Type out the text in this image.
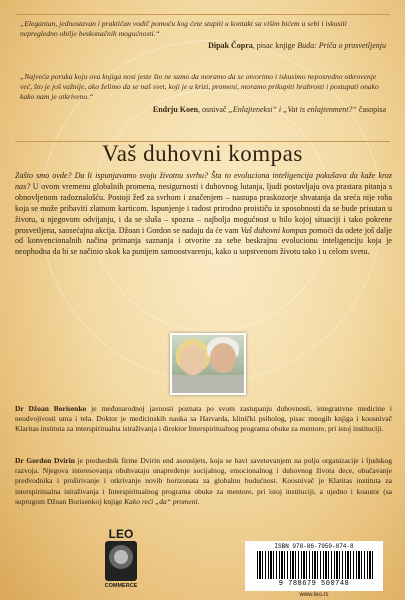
„Elegantan, jednostavan i praktičan vodič pomoću kog ćete stupiti u kontakt sa višim bićem u sebi i iskusiti nepregledno obilje beskonačnih mogućnosti.“
Dipak Čopra, pisac knjige Buda: Priča o prosvetljenju
„Najveća poruka koju ova knjiga nosi jeste što ne samo da moramo da se otvorimo i iskusimo neposredno otkrovenje već, što je još važnije, ako želimo da se naš svet, koji je u krizi, promeni, moramo prikupiti hrabrosti i postupati onako kako nam je otkriveno.“
Endrju Koen, osnivač „Enlajteneksi“ i „Vat is enlajtenment?“ časopisa
Vaš duhovni kompas
Zašto smo ovde? Da li ispunjavamo svoju životnu svrhu? Šta to evoluciona inteligencija pokušava da kaže kroz nas? U ovom vremenu globalnih promena, nesigurnosti i duhovnog lutanja, ljudi postavljaju ova prastara pitanja s obnovljenom radoznalošću. Postoji žeđ za svrhom i značenjem – nastupa praskozorje shvatanja da sreća nije roba koja se može pribaviti zlatnom karticom. Ispunjenje i radost prirodno proističu iz sposobnosti da se bude prisutan u životu, u njegovom odvijanju, i da se sluša – spozna – najbolja mogućnost u bilo kojoj situaciji i tako pokrene prosvetljena, saosećajna akcija. Džoan i Gordon se nadaju da će vam Vaš duhovni kompas pomoći da odete još dalje od konvencionalnih načina primanja saznanja i otvorite za sebe beskrajnu evolucionu inteligenciju koja je neophodna da bi se načinio skok ka punijem samoostvarenju, kako u sopstvenom životu tako i u celom svetu.
Dr Džoan Borisenko je međunarodnoj javnosti poznata po svom zastupanju duhovnosti, integrativne medicine i neodvojivosti uma i tela. Doktor je medicinskih nauka sa Harvarda, klinički psiholog, pisac mnogih knjiga i koosnivač Klaritas instituta za interspiritualna istraživanja i direktor Interspiritualnog programa obuke za mentore, pri istoj instituciji.
Dr Gordon Dvirin je predsednik firme Dvirin end asousijets, koja se bavi savetovanjem na polju organizacije i ljudskog razvoja. Njegova interesovanja obuhvataju unapređenje socijalnog, emocionalnog i duhovnog života dece, obučavanje predvodnika i proširivanje i otkrivanje novih horizonata za globalnu budućnost. Koosnivač je Klaritas instituta za interspiritualna istraživanja i Interspiritualnog programa obuke za mentore, pri istoj instituciji, a ujedno i koautor (sa suprugom Džoan Borisenko) knjige Kako reći „da“ promeni.
LEO
COMMERCE
ISBN 978-86-7950-074-8
9 788679 500748
www.leo.rs
